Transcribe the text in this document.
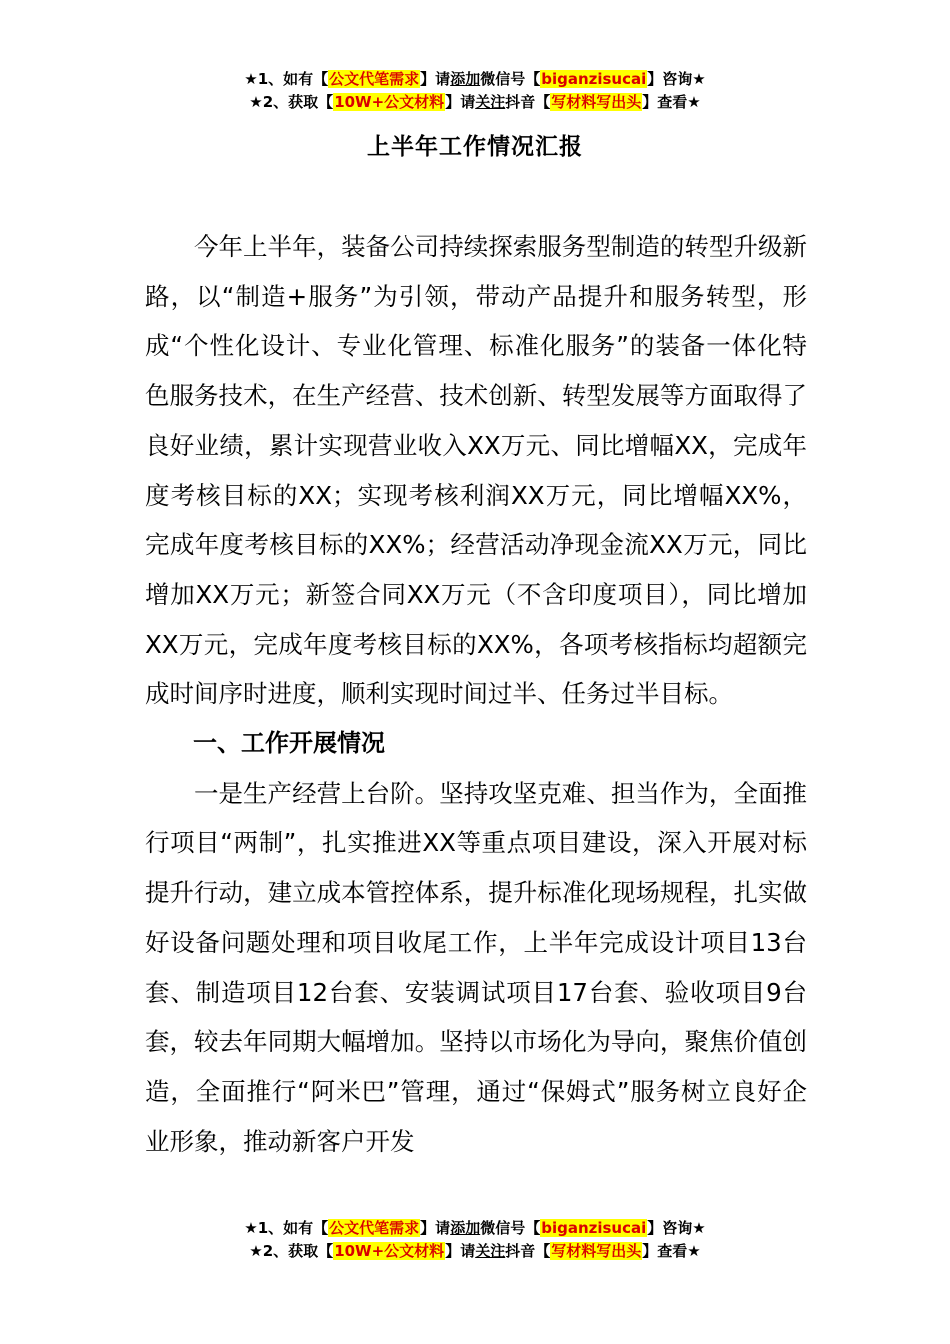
★1、如有【公文代笔需求】请添加微信号【biganzisucai】咨询★
★2、获取【10W+公文材料】请关注抖音【写材料写出头】查看★
上半年工作情况汇报

今年上半年，装备公司持续探索服务型制造的转型升级新路，以“制造+服务”为引领，带动产品提升和服务转型，形成“个性化设计、专业化管理、标准化服务”的装备一体化特色服务技术，在生产经营、技术创新、转型发展等方面取得了良好业绩，累计实现营业收入XX万元、同比增幅XX，完成年度考核目标的XX；实现考核利润XX万元，同比增幅XX%，完成年度考核目标的XX%；经营活动净现金流XX万元，同比增加XX万元；新签合同XX万元（不含印度项目），同比增加XX万元，完成年度考核目标的XX%，各项考核指标均超额完成时间序时进度，顺利实现时间过半、任务过半目标。

一、工作开展情况

一是生产经营上台阶。坚持攻坚克难、担当作为，全面推行项目“两制”，扎实推进XX等重点项目建设，深入开展对标提升行动，建立成本管控体系，提升标准化现场规程，扎实做好设备问题处理和项目收尾工作，上半年完成设计项目13台套、制造项目12台套、安装调试项目17台套、验收项目9台套，较去年同期大幅增加。坚持以市场化为导向，聚焦价值创造，全面推行“阿米巴”管理，通过“保姆式”服务树立良好企业形象，推动新客户开发

★1、如有【公文代笔需求】请添加微信号【biganzisucai】咨询★
★2、获取【10W+公文材料】请关注抖音【写材料写出头】查看★
